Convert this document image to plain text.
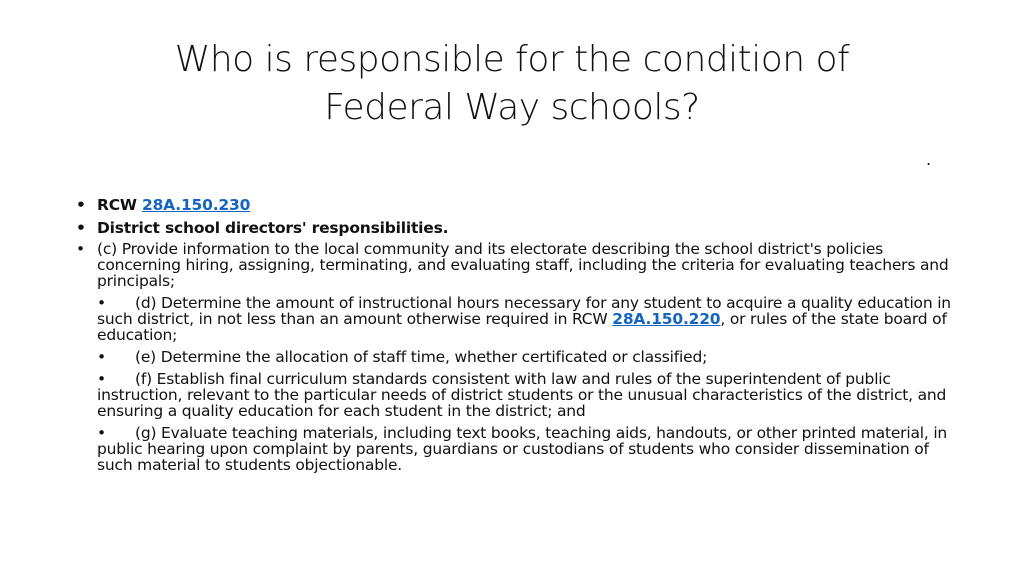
Who is responsible for the condition of
Federal Way schools?
.
• RCW 28A.150.230
• District school directors' responsibilities.
• (c) Provide information to the local community and its electorate describing the school district's policies concerning hiring, assigning, terminating, and evaluating staff, including the criteria for evaluating teachers and principals;
• (d) Determine the amount of instructional hours necessary for any student to acquire a quality education in such district, in not less than an amount otherwise required in RCW 28A.150.220, or rules of the state board of education;
• (e) Determine the allocation of staff time, whether certificated or classified;
• (f) Establish final curriculum standards consistent with law and rules of the superintendent of public instruction, relevant to the particular needs of district students or the unusual characteristics of the district, and ensuring a quality education for each student in the district; and
• (g) Evaluate teaching materials, including text books, teaching aids, handouts, or other printed material, in public hearing upon complaint by parents, guardians or custodians of students who consider dissemination of such material to students objectionable.
